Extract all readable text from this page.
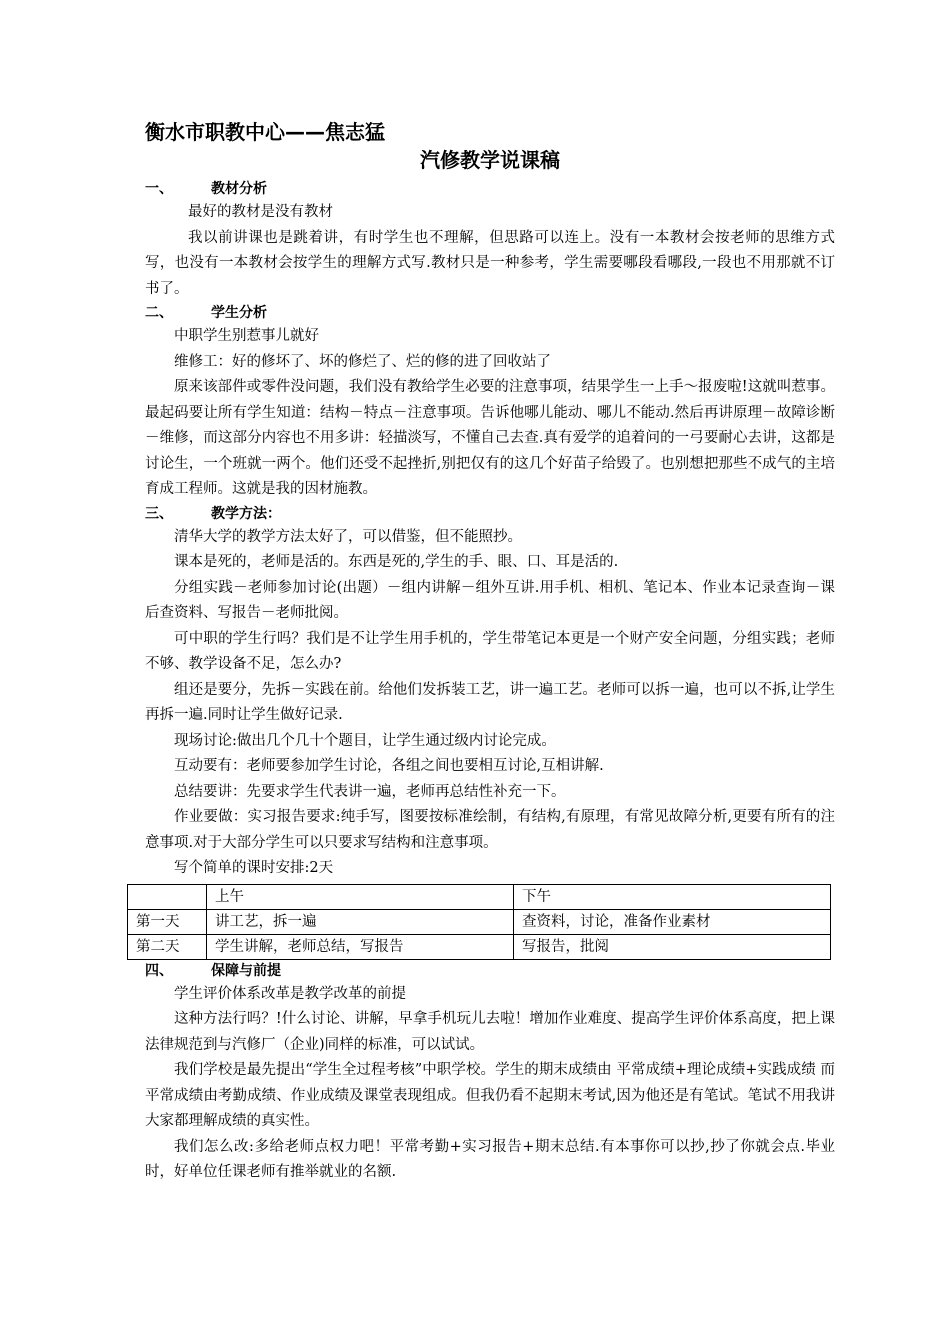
衡水市职教中心——焦志猛
汽修教学说课稿
一、	教材分析

最好的教材是没有教材

我以前讲课也是跳着讲，有时学生也不理解，但思路可以连上。没有一本教材会按老师的思维方式写，也没有一本教材会按学生的理解方式写.教材只是一种参考，学生需要哪段看哪段,一段也不用那就不订书了。

二、	学生分析

中职学生别惹事儿就好

维修工：好的修坏了、坏的修烂了、烂的修的进了回收站了

原来该部件或零件没问题，我们没有教给学生必要的注意事项，结果学生一上手～报废啦!这就叫惹事。最起码要让所有学生知道：结构－特点－注意事项。告诉他哪儿能动、哪儿不能动.然后再讲原理－故障诊断－维修，而这部分内容也不用多讲：轻描淡写，不懂自己去查.真有爱学的追着问的一弓要耐心去讲，这都是讨论生，一个班就一两个。他们还受不起挫折,别把仅有的这几个好苗子给毁了。也别想把那些不成气的主培育成工程师。这就是我的因材施教。

三、	教学方法：

清华大学的教学方法太好了，可以借鉴，但不能照抄。

课本是死的，老师是活的。东西是死的,学生的手、眼、口、耳是活的.

分组实践－老师参加讨论(出题）－组内讲解－组外互讲.用手机、相机、笔记本、作业本记录查询－课后查资料、写报告－老师批阅。

可中职的学生行吗？我们是不让学生用手机的，学生带笔记本更是一个财产安全问题，分组实践；老师不够、教学设备不足，怎么办?

组还是要分，先拆－实践在前。给他们发拆装工艺，讲一遍工艺。老师可以拆一遍，也可以不拆,让学生再拆一遍.同时让学生做好记录.

现场讨论:做出几个几十个题目，让学生通过级内讨论完成。

互动要有：老师要参加学生讨论，各组之间也要相互讨论,互相讲解.

总结要讲：先要求学生代表讲一遍，老师再总结性补充一下。

作业要做：实习报告要求:纯手写，图要按标准绘制，有结构,有原理，有常见故障分析,更要有所有的注意事项.对于大部分学生可以只要求写结构和注意事项。

写个简单的课时安排:2天

	上午	下午
第一天	讲工艺，拆一遍	查资料，讨论，准备作业素材
第二天	学生讲解，老师总结，写报告	写报告，批阅
四、	保障与前提

学生评价体系改革是教学改革的前提

这种方法行吗？!什么讨论、讲解，早拿手机玩儿去啦！增加作业难度、提高学生评价体系高度，把上课法律规范到与汽修厂（企业)同样的标准，可以试试。

我们学校是最先提出“学生全过程考核”中职学校。学生的期末成绩由 平常成绩+理论成绩+实践成绩 而平常成绩由考勤成绩、作业成绩及课堂表现组成。但我仍看不起期末考试,因为他还是有笔试。笔试不用我讲大家都理解成绩的真实性。

我们怎么改:多给老师点权力吧！平常考勤+实习报告+期末总结.有本事你可以抄,抄了你就会点.毕业时，好单位任课老师有推举就业的名额.
